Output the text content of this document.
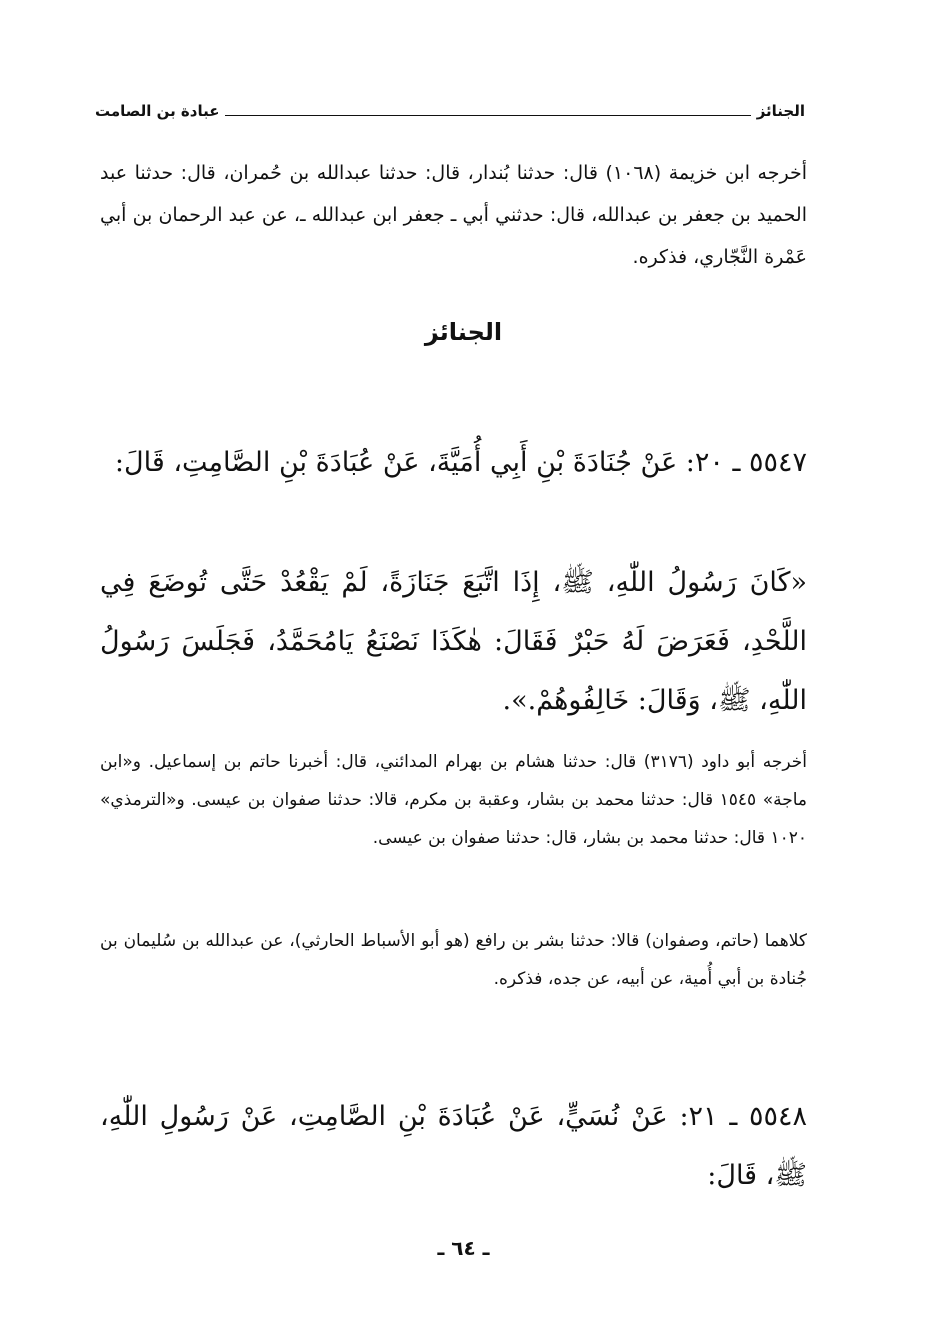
الجنائز
عبادة بن الصامت

أخرجه ابن خزيمة (١٠٦٨) قال: حدثنا بُندار، قال: حدثنا عبدالله بن حُمران، قال: حدثنا عبد الحميد بن جعفر بن عبدالله، قال: حدثني أبي ـ جعفر ابن عبدالله ـ، عن عبد الرحمان بن أبي عَمْرة النَّجّاري، فذكره.

الجنائز

٥٥٤٧ ـ ٢٠: عَنْ جُنَادَةَ بْنِ أَبِي أُمَيَّةَ، عَنْ عُبَادَةَ بْنِ الصَّامِتِ، قَالَ:

«كَانَ رَسُولُ اللّٰهِ، ﷺ، إِذَا اتَّبَعَ جَنَازَةً، لَمْ يَقْعُدْ حَتَّى تُوضَعَ فِي اللَّحْدِ، فَعَرَضَ لَهُ حَبْرٌ فَقَالَ: هٰكَذَا نَصْنَعُ يَامُحَمَّدُ، فَجَلَسَ رَسُولُ اللّٰهِ، ﷺ، وَقَالَ: خَالِفُوهُمْ.».

أخرجه أبو داود (٣١٧٦) قال: حدثنا هشام بن بهرام المدائني، قال: أخبرنا حاتم بن إسماعيل. و«ابن ماجة» ١٥٤٥ قال: حدثنا محمد بن بشار، وعقبة بن مكرم، قالا: حدثنا صفوان بن عيسى. و«الترمذي» ١٠٢٠ قال: حدثنا محمد بن بشار، قال: حدثنا صفوان بن عيسى.

كلاهما (حاتم، وصفوان) قالا: حدثنا بشر بن رافع (هو أبو الأسباط الحارثي)، عن عبدالله بن سُليمان بن جُنادة بن أبي أُمية، عن أبيه، عن جده، فذكره.

٥٥٤٨ ـ ٢١: عَنْ نُسَيٍّ، عَنْ عُبَادَةَ بْنِ الصَّامِتِ، عَنْ رَسُولِ اللّٰهِ، ﷺ، قَالَ:

ـ ٦٤ ـ
